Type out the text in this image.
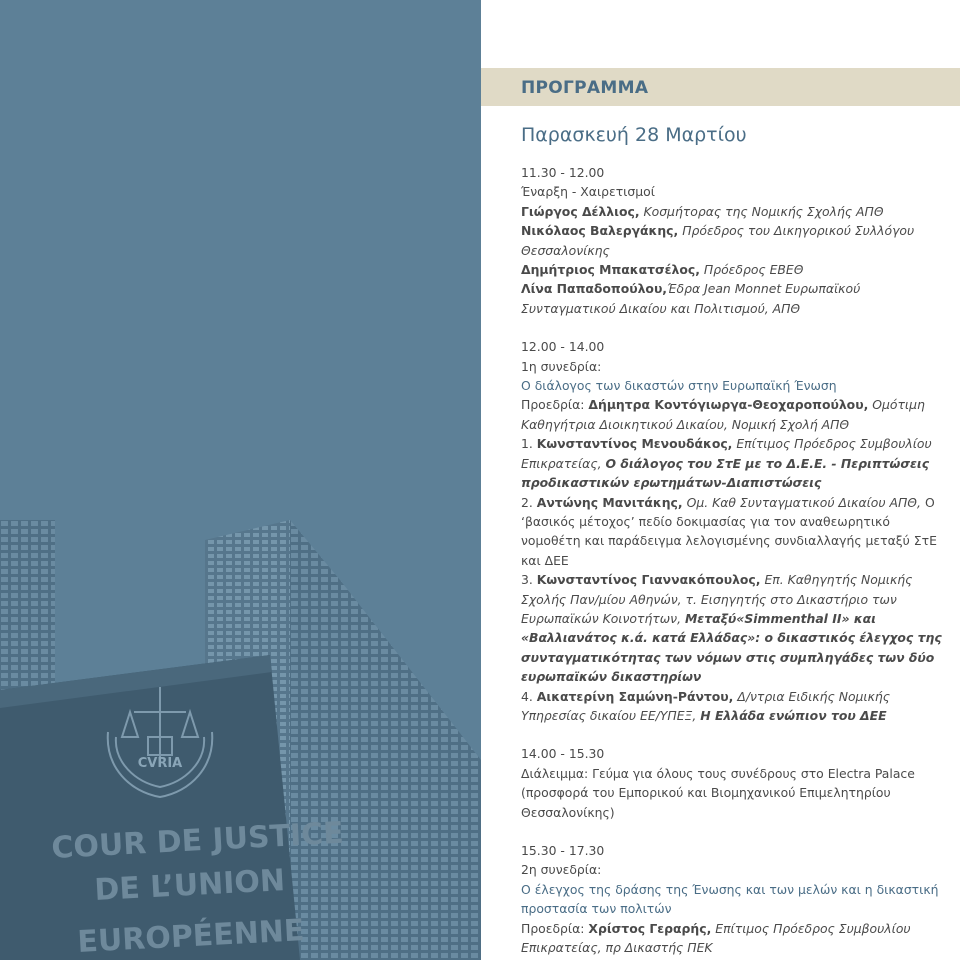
CVRIA
COUR DE JUSTICE
DE L’UNION
EUROPÉENNE
ΠΡΟΓΡΑΜΜΑ
Παρασκευή 28 Μαρτίου
11.30 - 12.00
Έναρξη - Χαιρετισμοί
Γιώργος Δέλλιος, Κοσμήτορας της Νομικής Σχολής ΑΠΘ
Νικόλαος Βαλεργάκης, Πρόεδρος του Δικηγορικού Συλλόγου Θεσσαλονίκης
Δημήτριος Μπακατσέλος, Πρόεδρος ΕΒΕΘ
Λίνα Παπαδοπούλου,Έδρα Jean Monnet Ευρωπαϊκού Συνταγματικού Δικαίου και Πολιτισμού, ΑΠΘ
12.00 - 14.00
1η συνεδρία:
Ο διάλογος των δικαστών στην Ευρωπαϊκή Ένωση
Προεδρία: Δήμητρα Κοντόγιωργα-Θεοχαροπούλου, Ομότιμη Καθηγήτρια Διοικητικού Δικαίου, Νομική Σχολή ΑΠΘ
1. Κωνσταντίνος Μενουδάκος, Επίτιμος Πρόεδρος Συμβουλίου Επικρατείας, Ο διάλογος του ΣτΕ με το Δ.Ε.Ε. - Περιπτώσεις προδικαστικών ερωτημάτων-Διαπιστώσεις
2. Αντώνης Μανιτάκης, Ομ. Καθ Συνταγματικού Δικαίου ΑΠΘ, Ο ‘βασικός μέτοχος’ πεδίο δοκιμασίας για τον αναθεωρητικό νομοθέτη και παράδειγμα λελογισμένης συνδιαλλαγής μεταξύ ΣτΕ και ΔΕΕ
3. Κωνσταντίνος Γιαννακόπουλος, Επ. Καθηγητής Νομικής Σχολής Παν/μίου Αθηνών, τ. Εισηγητής στο Δικαστήριο των Ευρωπαϊκών Κοινοτήτων, Μεταξύ«Simmenthal II» και «Βαλλιανάτος κ.ά. κατά Ελλάδας»: ο δικαστικός έλεγχος της συνταγματικότητας των νόμων στις συμπληγάδες των δύο ευρωπαϊκών δικαστηρίων
4. Αικατερίνη Σαμώνη-Ράντου, Δ/ντρια Ειδικής Νομικής Υπηρεσίας δικαίου ΕΕ/ΥΠΕΞ, Η Ελλάδα ενώπιον του ΔΕΕ
14.00 - 15.30
Διάλειμμα: Γεύμα για όλους τους συνέδρους στο Electra Palace
(προσφορά του Εμπορικού και Βιομηχανικού Επιμελητηρίου Θεσσαλονίκης)
15.30 - 17.30
2η συνεδρία:
Ο έλεγχος της δράσης της Ένωσης και των μελών και η δικαστική προστασία των πολιτών
Προεδρία: Χρίστος Γεραρής, Επίτιμος Πρόεδρος Συμβουλίου Επικρατείας, πρ Δικαστής ΠΕΚ
